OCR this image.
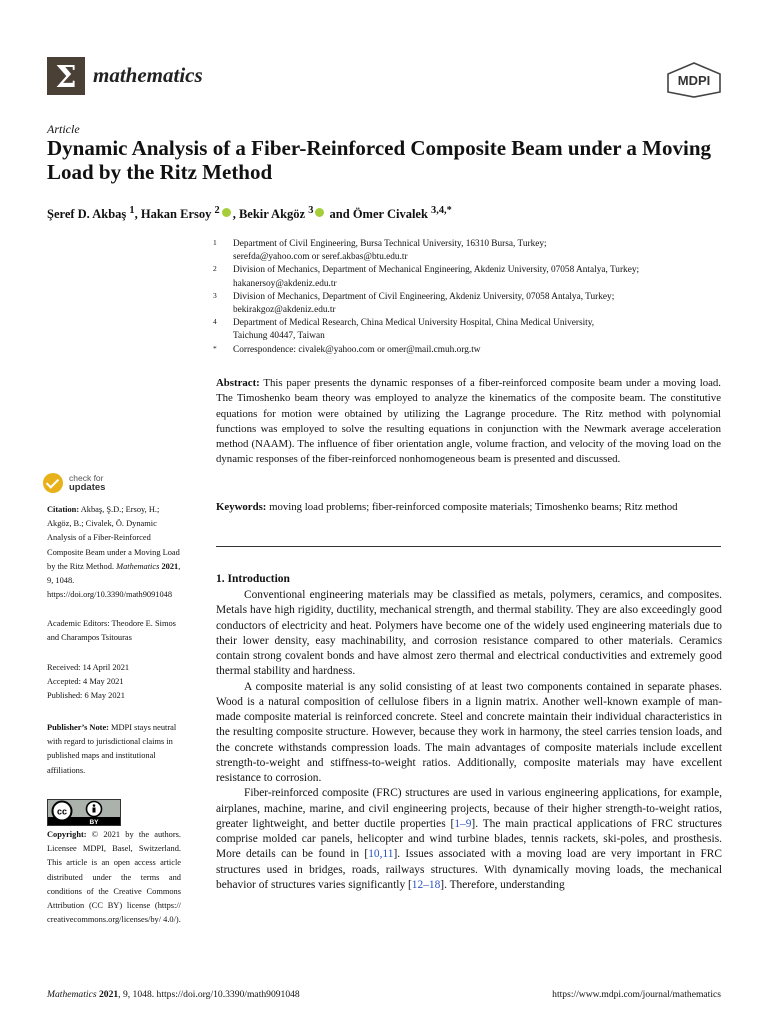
Σ mathematics	MDPI
Article
Dynamic Analysis of a Fiber-Reinforced Composite Beam under a Moving Load by the Ritz Method
Şeref D. Akbaş $^1$, Hakan Ersoy $^2$ , Bekir Akgöz $^3$ and Ömer Civalek $^{3,4,*}$
1 Department of Civil Engineering, Bursa Technical University, 16310 Bursa, Turkey;
serefda@yahoo.com or seref.akbas@btu.edu.tr
2 Division of Mechanics, Department of Mechanical Engineering, Akdeniz University, 07058 Antalya, Turkey;
hakanersoy@akdeniz.edu.tr
3 Division of Mechanics, Department of Civil Engineering, Akdeniz University, 07058 Antalya, Turkey;
bekirakgoz@akdeniz.edu.tr
4 Department of Medical Research, China Medical University Hospital, China Medical University,
Taichung 40447, Taiwan
* Correspondence: civalek@yahoo.com or omer@mail.cmuh.org.tw

Abstract: This paper presents the dynamic responses of a fiber-reinforced composite beam under a moving load. The Timoshenko beam theory was employed to analyze the kinematics of the composite beam. The constitutive equations for motion were obtained by utilizing the Lagrange procedure. The Ritz method with polynomial functions was employed to solve the resulting equations in conjunction with the Newmark average acceleration method (NAAM). The influence of fiber orientation angle, volume fraction, and velocity of the moving load on the dynamic responses of the fiber-reinforced nonhomogeneous beam is presented and discussed.

Keywords: moving load problems; fiber-reinforced composite materials; Timoshenko beams; Ritz method

check for
updates
Citation: Akbaş, Ş.D.; Ersoy, H.; Akgöz, B.; Civalek, Ö. Dynamic Analysis of a Fiber-Reinforced Composite Beam under a Moving Load by the Ritz Method. Mathematics 2021, 9, 1048. https://doi.org/10.3390/math9091048
Academic Editors: Theodore E. Simos and Charampos Tsitouras
Received: 14 April 2021
Accepted: 4 May 2021
Published: 6 May 2021
Publisher’s Note: MDPI stays neutral with regard to jurisdictional claims in published maps and institutional affiliations.
cc
BY
Copyright: © 2021 by the authors. Licensee MDPI, Basel, Switzerland. This article is an open access article distributed under the terms and conditions of the Creative Commons Attribution (CC BY) license (https:// creativecommons.org/licenses/by/ 4.0/).
1. Introduction

Conventional engineering materials may be classified as metals, polymers, ceramics, and composites. Metals have high rigidity, ductility, mechanical strength, and thermal stability. They are also exceedingly good conductors of electricity and heat. Polymers have become one of the widely used engineering materials due to their lower density, easy machinability, and corrosion resistance compared to other materials. Ceramics contain strong covalent bonds and have almost zero thermal and electrical conductivities and extremely good thermal stability and hardness.

A composite material is any solid consisting of at least two components contained in separate phases. Wood is a natural composition of cellulose fibers in a lignin matrix. Another well-known example of man-made composite material is reinforced concrete. Steel and concrete maintain their individual characteristics in the resulting composite structure. However, because they work in harmony, the steel carries tension loads, and the concrete withstands compression loads. The main advantages of composite materials include excellent strength-to-weight and stiffness-to-weight ratios. Additionally, composite materials may have excellent resistance to corrosion.

Fiber-reinforced composite (FRC) structures are used in various engineering applications, for example, airplanes, machine, marine, and civil engineering projects, because of their higher strength-to-weight ratios, greater lightweight, and better ductile properties [1–9]. The main practical applications of FRC structures comprise molded car panels, helicopter and wind turbine blades, tennis rackets, ski-poles, and prosthesis. More details can be found in [10,11]. Issues associated with a moving load are very important in FRC structures used in bridges, roads, railways structures. With dynamically moving loads, the mechanical behavior of structures varies significantly [12–18]. Therefore, understanding

Mathematics 2021, 9, 1048. https://doi.org/10.3390/math9091048	https://www.mdpi.com/journal/mathematics
